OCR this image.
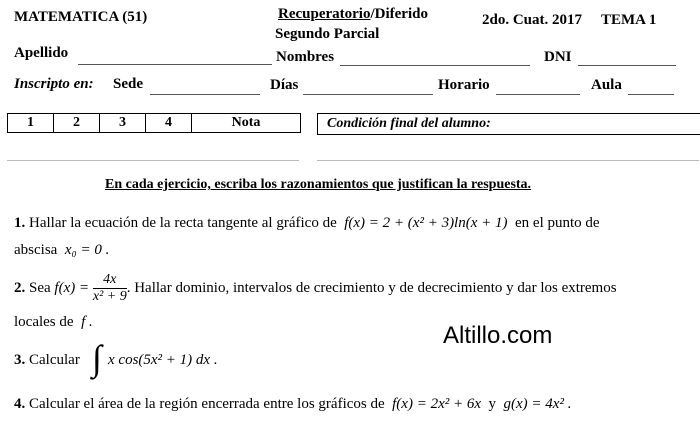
MATEMATICA (51)	Recuperatorio/Diferido
Segundo Parcial
2do. Cuat. 2017 TEMA 1
Apellido	Nombres	DNI
Inscripto en: Sede	Días	Horario	Aula
1	2	3	4	Nota	Condición final del alumno:
En cada ejercicio, escriba los razonamientos que justifican la respuesta.
1. Hallar la ecuación de la recta tangente al gráfico de f(x) = 2 + (x² + 3)ln(x + 1) en el punto de
abscisa x₀ = 0 .
2. Sea $f(x) = \frac{4x}{\text{x² + 9}}$ . Hallar dominio, intervalos de crecimiento y de decrecimiento y dar los extremos
locales de f .	Altillo.com
3. Calcular ∫ x cos(5x² + 1) dx .
4. Calcular el área de la región encerrada entre los gráficos de f(x) = 2x² + 6x y g(x) = 4x² .
